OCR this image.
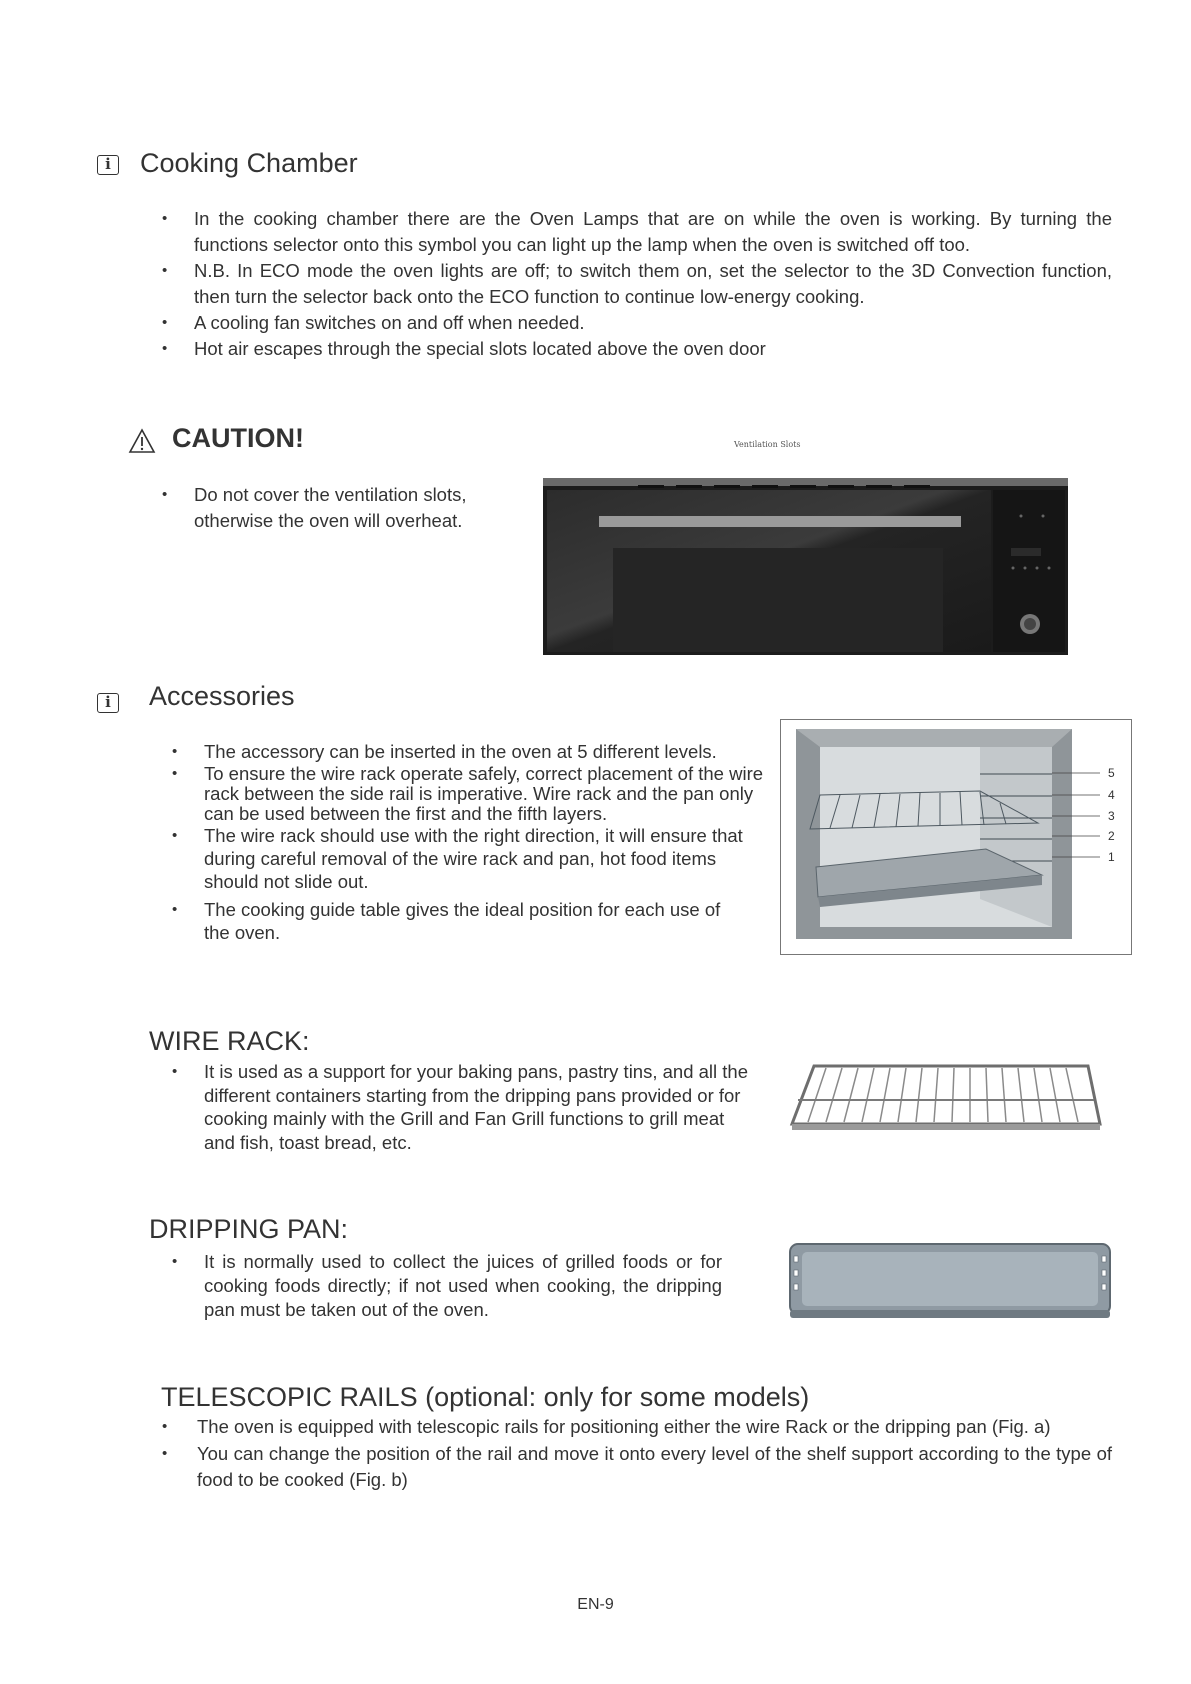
i	Cooking Chamber
• In the cooking chamber there are the Oven Lamps that are on while the oven is working. By turning the functions selector onto this symbol you can light up the lamp when the oven is switched off too.
• N.B. In ECO mode the oven lights are off; to switch them on, set the selector to the 3D Convection function, then turn the selector back onto the ECO function to continue low-energy cooking.
• A cooling fan switches on and off when needed.
• Hot air escapes through the special slots located above the oven door
CAUTION!
• Do not cover the ventilation slots, otherwise the oven will overheat.
Ventilation Slots
i	Accessories
• The accessory can be inserted in the oven at 5 different levels.
• To ensure the wire rack operate safely, correct placement of the wire rack between the side rail is imperative. Wire rack and the pan only can be used between the first and the fifth layers.
• The wire rack should use with the right direction, it will ensure that during careful removal of the wire rack and pan, hot food items should not slide out.
• The cooking guide table gives the ideal position for each use of the oven.
5
4
3
2
1
WIRE RACK:
• It is used as a support for your baking pans, pastry tins, and all the different containers starting from the dripping pans provided or for cooking mainly with the Grill and Fan Grill functions to grill meat and fish, toast bread, etc.
DRIPPING PAN:
• It is normally used to collect the juices of grilled foods or for cooking foods directly; if not used when cooking, the dripping pan must be taken out of the oven.
TELESCOPIC RAILS (optional: only for some models)
• The oven is equipped with telescopic rails for positioning either the wire Rack or the dripping pan (Fig. a)
• You can change the position of the rail and move it onto every level of the shelf support according to the type of food to be cooked (Fig. b)
EN-9
